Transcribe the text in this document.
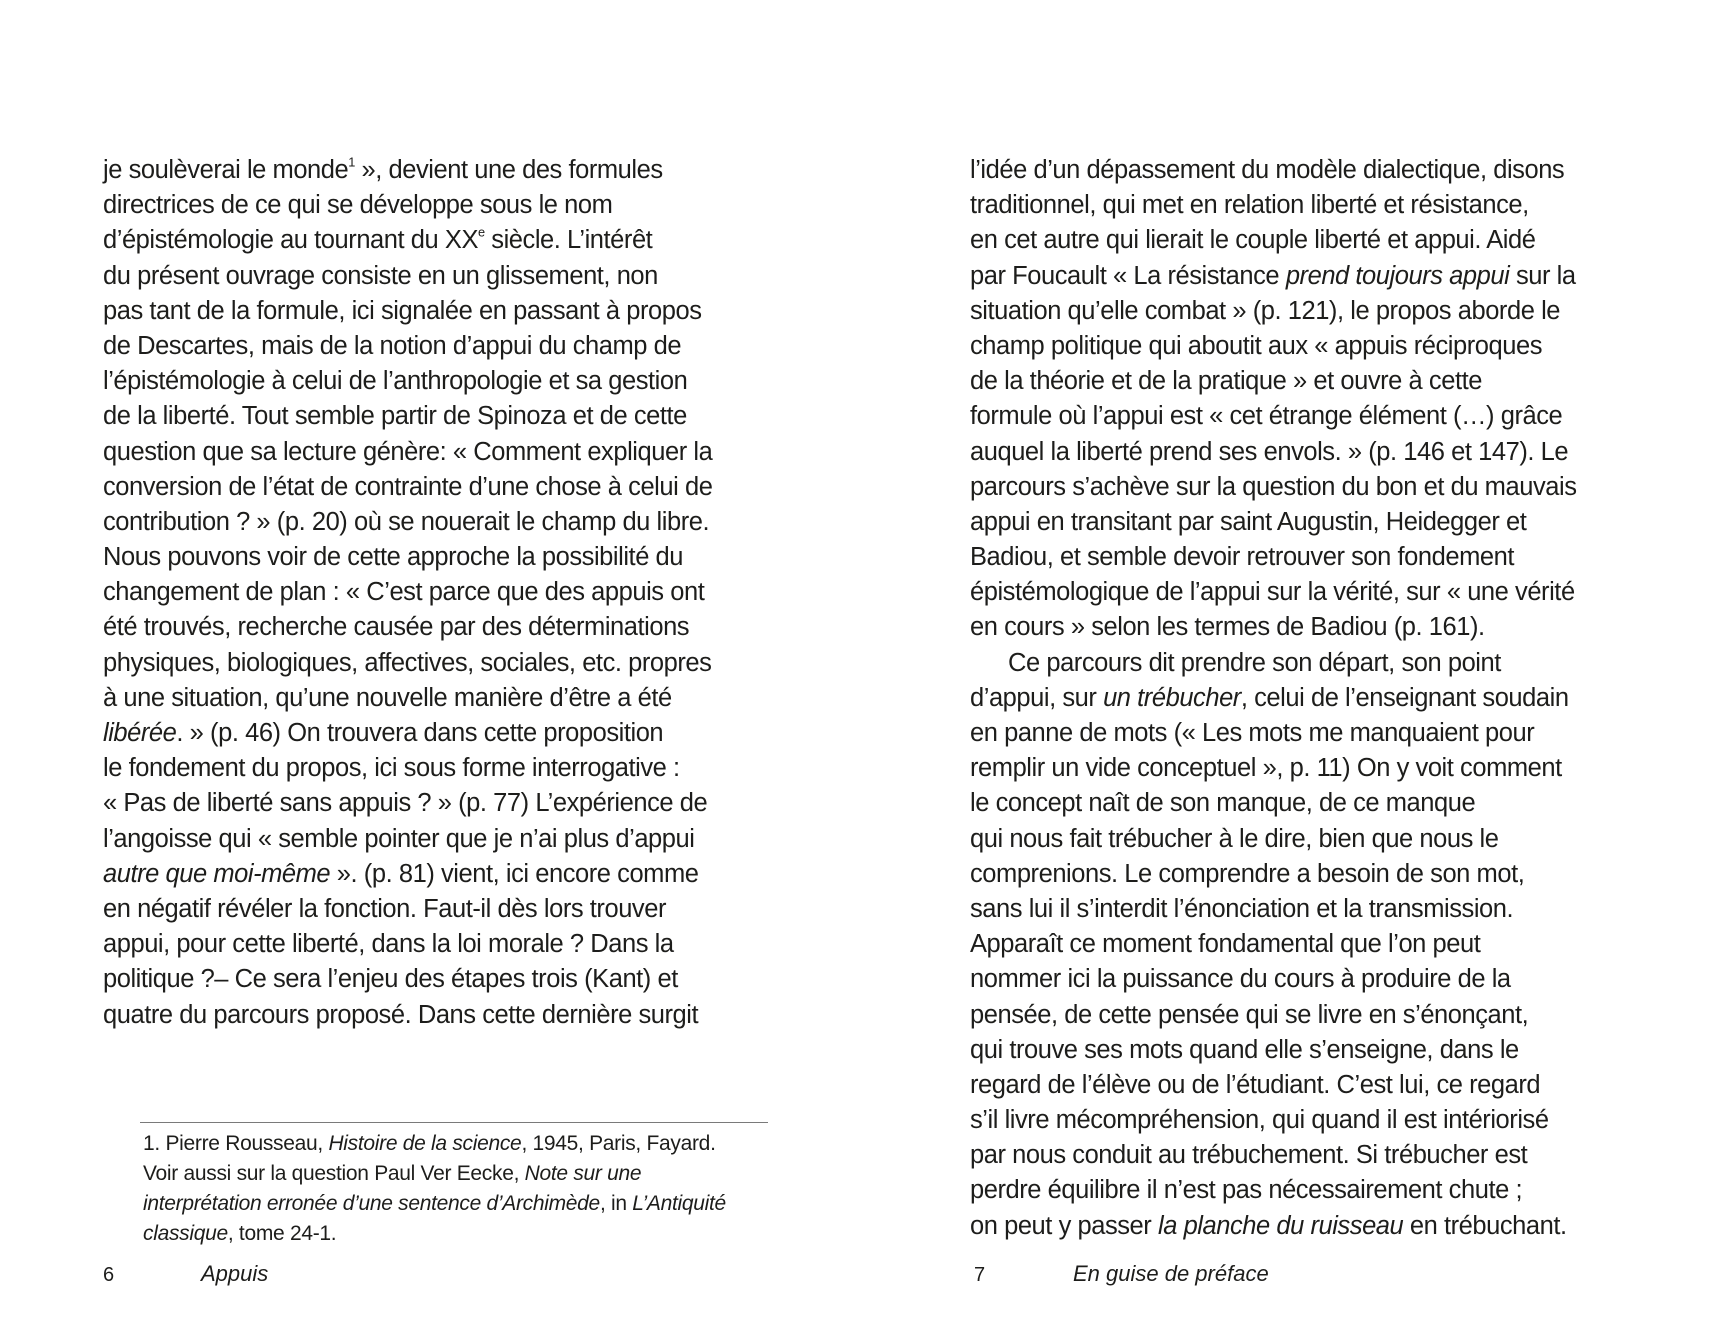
je soulèverai le monde$^1$ », devient une des formules
directrices de ce qui se développe sous le nom
d’épistémologie au tournant du XXe siècle. L’intérêt
du présent ouvrage consiste en un glissement, non
pas tant de la formule, ici signalée en passant à propos
de Descartes, mais de la notion d’appui du champ de
l’épistémologie à celui de l’anthropologie et sa gestion
de la liberté. Tout semble partir de Spinoza et de cette
question que sa lecture génère: « Comment expliquer la
conversion de l’état de contrainte d’une chose à celui de
contribution ? » (p. 20) où se nouerait le champ du libre.
Nous pouvons voir de cette approche la possibilité du
changement de plan : « C’est parce que des appuis ont
été trouvés, recherche causée par des déterminations
physiques, biologiques, affectives, sociales, etc. propres
à une situation, qu’une nouvelle manière d’être a été
libérée. » (p. 46) On trouvera dans cette proposition
le fondement du propos, ici sous forme interrogative :
« Pas de liberté sans appuis ? » (p. 77) L’expérience de
l’angoisse qui « semble pointer que je n’ai plus d’appui
autre que moi-même ». (p. 81) vient, ici encore comme
en négatif révéler la fonction. Faut-il dès lors trouver
appui, pour cette liberté, dans la loi morale ? Dans la
politique ?– Ce sera l’enjeu des étapes trois (Kant) et
quatre du parcours proposé. Dans cette dernière surgit
1. Pierre Rousseau, Histoire de la science, 1945, Paris, Fayard.
Voir aussi sur la question Paul Ver Eecke, Note sur une
interprétation erronée d’une sentence d’Archimède, in L’Antiquité
classique, tome 24-1.
6	Appuis
l’idée d’un dépassement du modèle dialectique, disons
traditionnel, qui met en relation liberté et résistance,
en cet autre qui lierait le couple liberté et appui. Aidé
par Foucault « La résistance prend toujours appui sur la
situation qu’elle combat » (p. 121), le propos aborde le
champ politique qui aboutit aux « appuis réciproques
de la théorie et de la pratique » et ouvre à cette
formule où l’appui est « cet étrange élément (…) grâce
auquel la liberté prend ses envols. » (p. 146 et 147). Le
parcours s’achève sur la question du bon et du mauvais
appui en transitant par saint Augustin, Heidegger et
Badiou, et semble devoir retrouver son fondement
épistémologique de l’appui sur la vérité, sur « une vérité
en cours » selon les termes de Badiou (p. 161).
Ce parcours dit prendre son départ, son point
d’appui, sur un trébucher, celui de l’enseignant soudain
en panne de mots (« Les mots me manquaient pour
remplir un vide conceptuel », p. 11) On y voit comment
le concept naît de son manque, de ce manque
qui nous fait trébucher à le dire, bien que nous le
comprenions. Le comprendre a besoin de son mot,
sans lui il s’interdit l’énonciation et la transmission.
Apparaît ce moment fondamental que l’on peut
nommer ici la puissance du cours à produire de la
pensée, de cette pensée qui se livre en s’énonçant,
qui trouve ses mots quand elle s’enseigne, dans le
regard de l’élève ou de l’étudiant. C’est lui, ce regard
s’il livre mécompréhension, qui quand il est intériorisé
par nous conduit au trébuchement. Si trébucher est
perdre équilibre il n’est pas nécessairement chute ;
on peut y passer la planche du ruisseau en trébuchant.
7	En guise de préface
